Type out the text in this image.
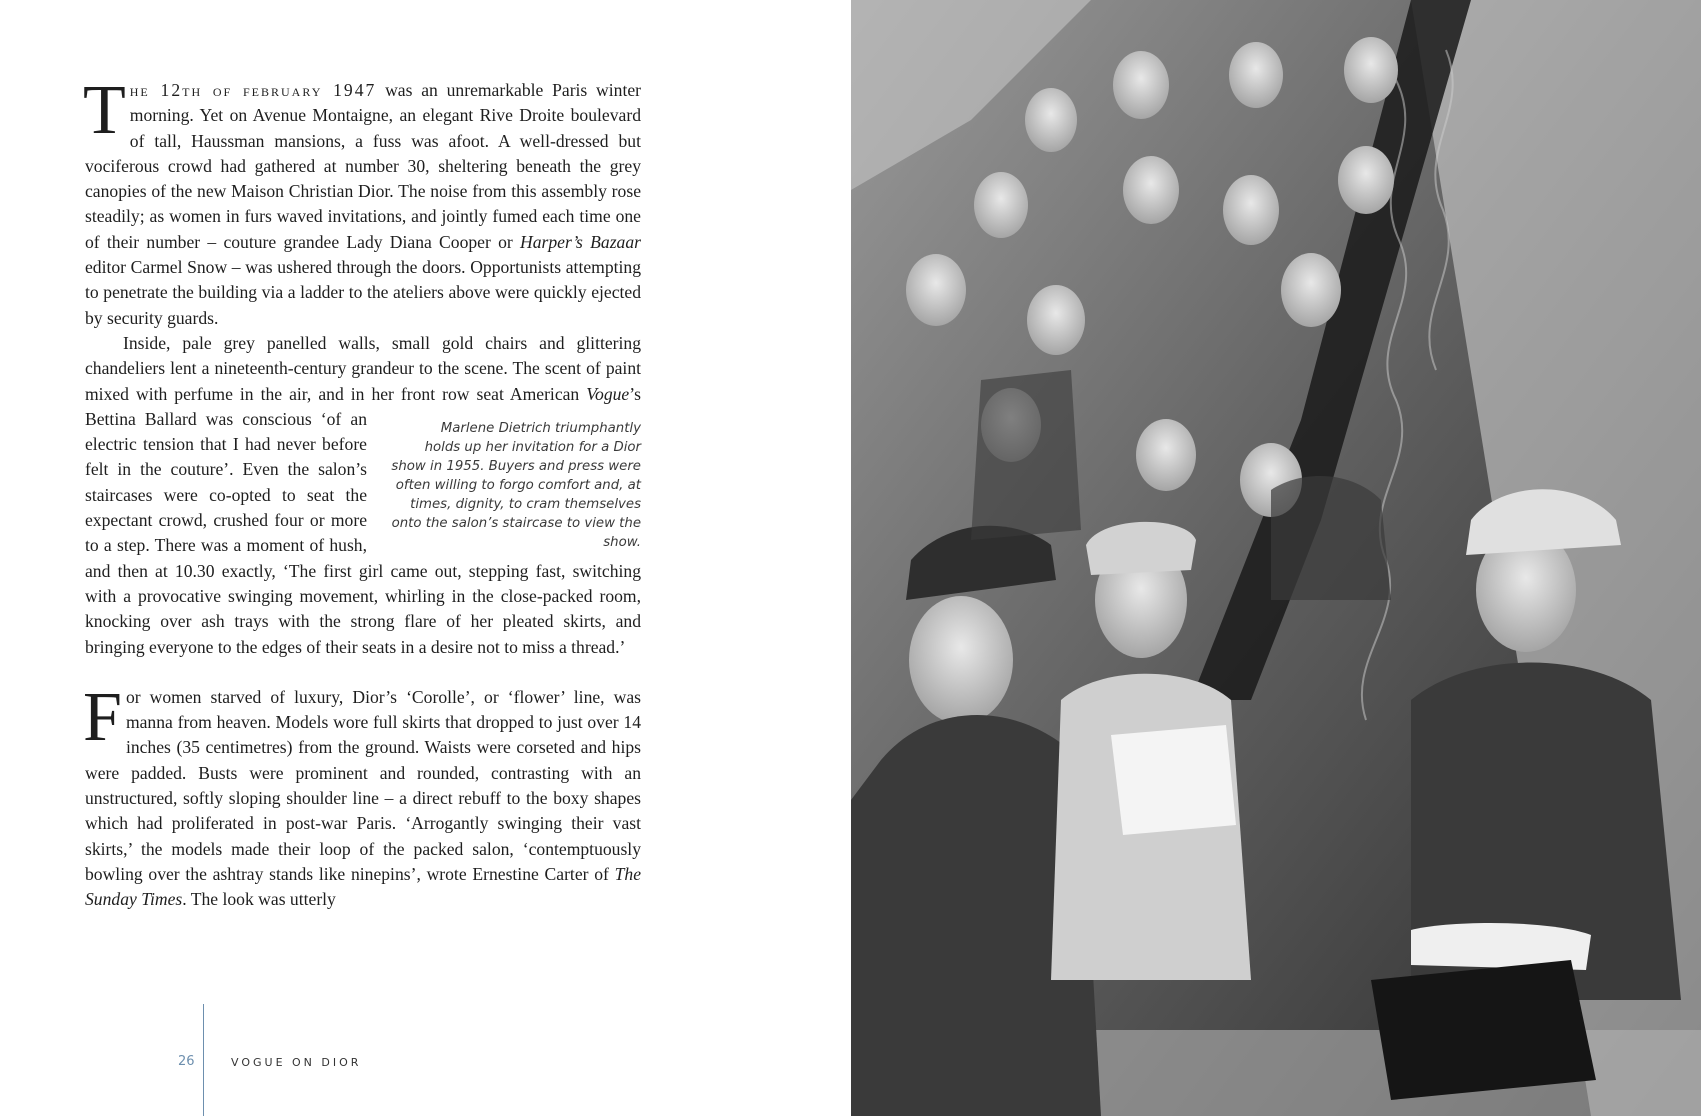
The 12th of february 1947 was an unremarkable Paris winter morning. Yet on Avenue Montaigne, an elegant Rive Droite boulevard of tall, Haussman mansions, a fuss was afoot. A well-dressed but vociferous crowd had gathered at number 30, sheltering beneath the grey canopies of the new Maison Christian Dior. The noise from this assembly rose steadily; as women in furs waved invitations, and jointly fumed each time one of their number – couture grandee Lady Diana Cooper or Harper’s Bazaar editor Carmel Snow – was ushered through the doors. Opportunists attempting to penetrate the building via a ladder to the ateliers above were quickly ejected by security guards.

Inside, pale grey panelled walls, small gold chairs and glittering chandeliers lent a nineteenth-century grandeur to the scene. The scent of paint mixed with perfume in the air, and in her front row seat American
Marlene Dietrich triumphantly holds up her invitation for a Dior show in 1955. Buyers and press were often willing to forgo comfort and, at times, dignity, to cram themselves onto the salon’s staircase to view the show.
Vogue’s Bettina Ballard was conscious ‘of an electric tension that I had never before felt in the couture’. Even the salon’s staircases were co-opted to seat the expectant crowd, crushed four or more to a step. There was a moment of hush, and then at 10.30 exactly, ‘The first girl came out, stepping fast, switching with a provocative swinging movement, whirling in the close-packed room, knocking over ash trays with the strong flare of her pleated skirts, and bringing everyone to the edges of their seats in a desire not to miss a thread.’

For women starved of luxury, Dior’s ‘Corolle’, or ‘flower’ line, was manna from heaven. Models wore full skirts that dropped to just over 14 inches (35 centimetres) from the ground. Waists were corseted and hips were padded. Busts were prominent and rounded, contrasting with an unstructured, softly sloping shoulder line – a direct rebuff to the boxy shapes which had proliferated in post-war Paris. ‘Arrogantly swinging their vast skirts,’ the models made their loop of the packed salon, ‘contemptuously bowling over the ashtray stands like ninepins’, wrote Ernestine Carter of The Sunday Times. The look was utterly

26	VOGUE ON DIOR
